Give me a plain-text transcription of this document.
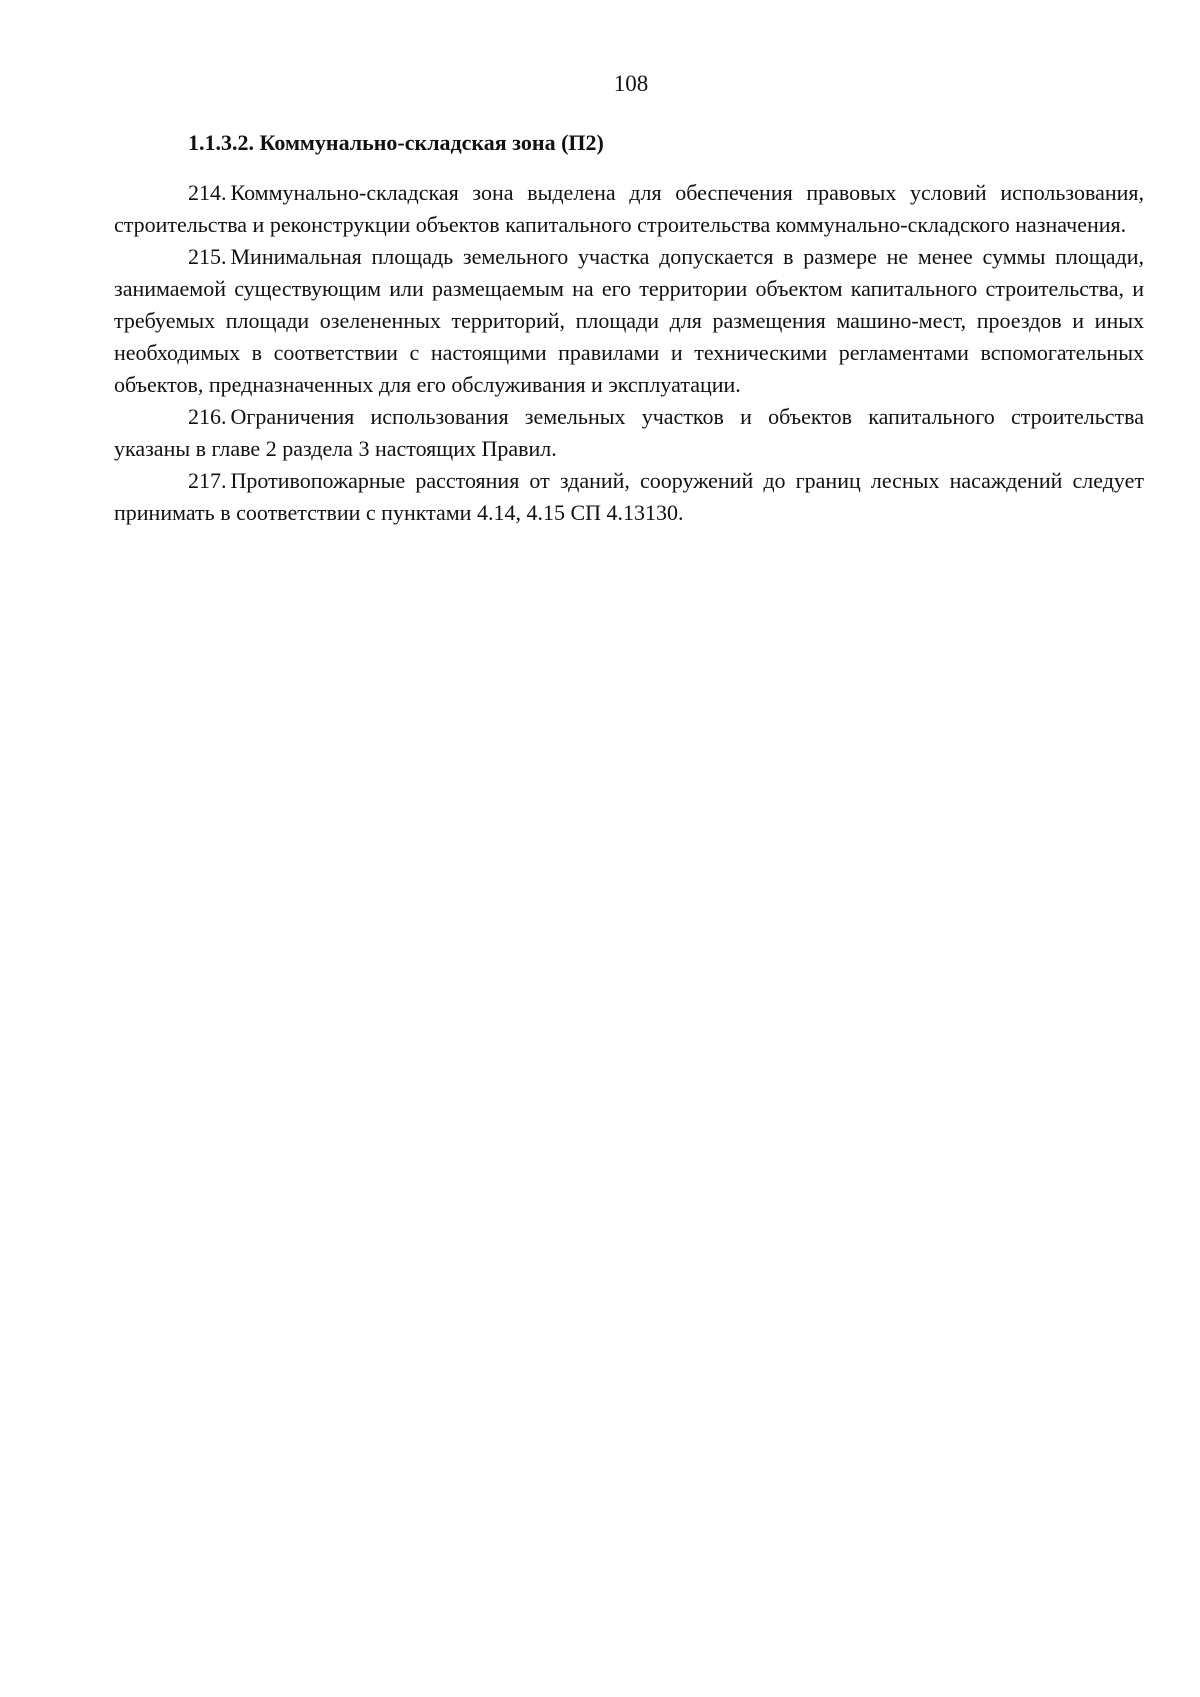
108
1.1.3.2. Коммунально-складская зона (П2)

214. Коммунально-складская зона выделена для обеспечения правовых условий использования, строительства и реконструкции объектов капитального строительства коммунально-складского назначения.

215. Минимальная площадь земельного участка допускается в размере не менее суммы площади, занимаемой существующим или размещаемым на его территории объектом капитального строительства, и требуемых площади озелененных территорий, площади для размещения машино-мест, проездов и иных необходимых в соответствии с настоящими правилами и техническими регламентами вспомогательных объектов, предназначенных для его обслуживания и эксплуатации.

216. Ограничения использования земельных участков и объектов капитального строительства указаны в главе 2 раздела 3 настоящих Правил.

217. Противопожарные расстояния от зданий, сооружений до границ лесных насаждений следует принимать в соответствии с пунктами 4.14, 4.15 СП 4.13130.
